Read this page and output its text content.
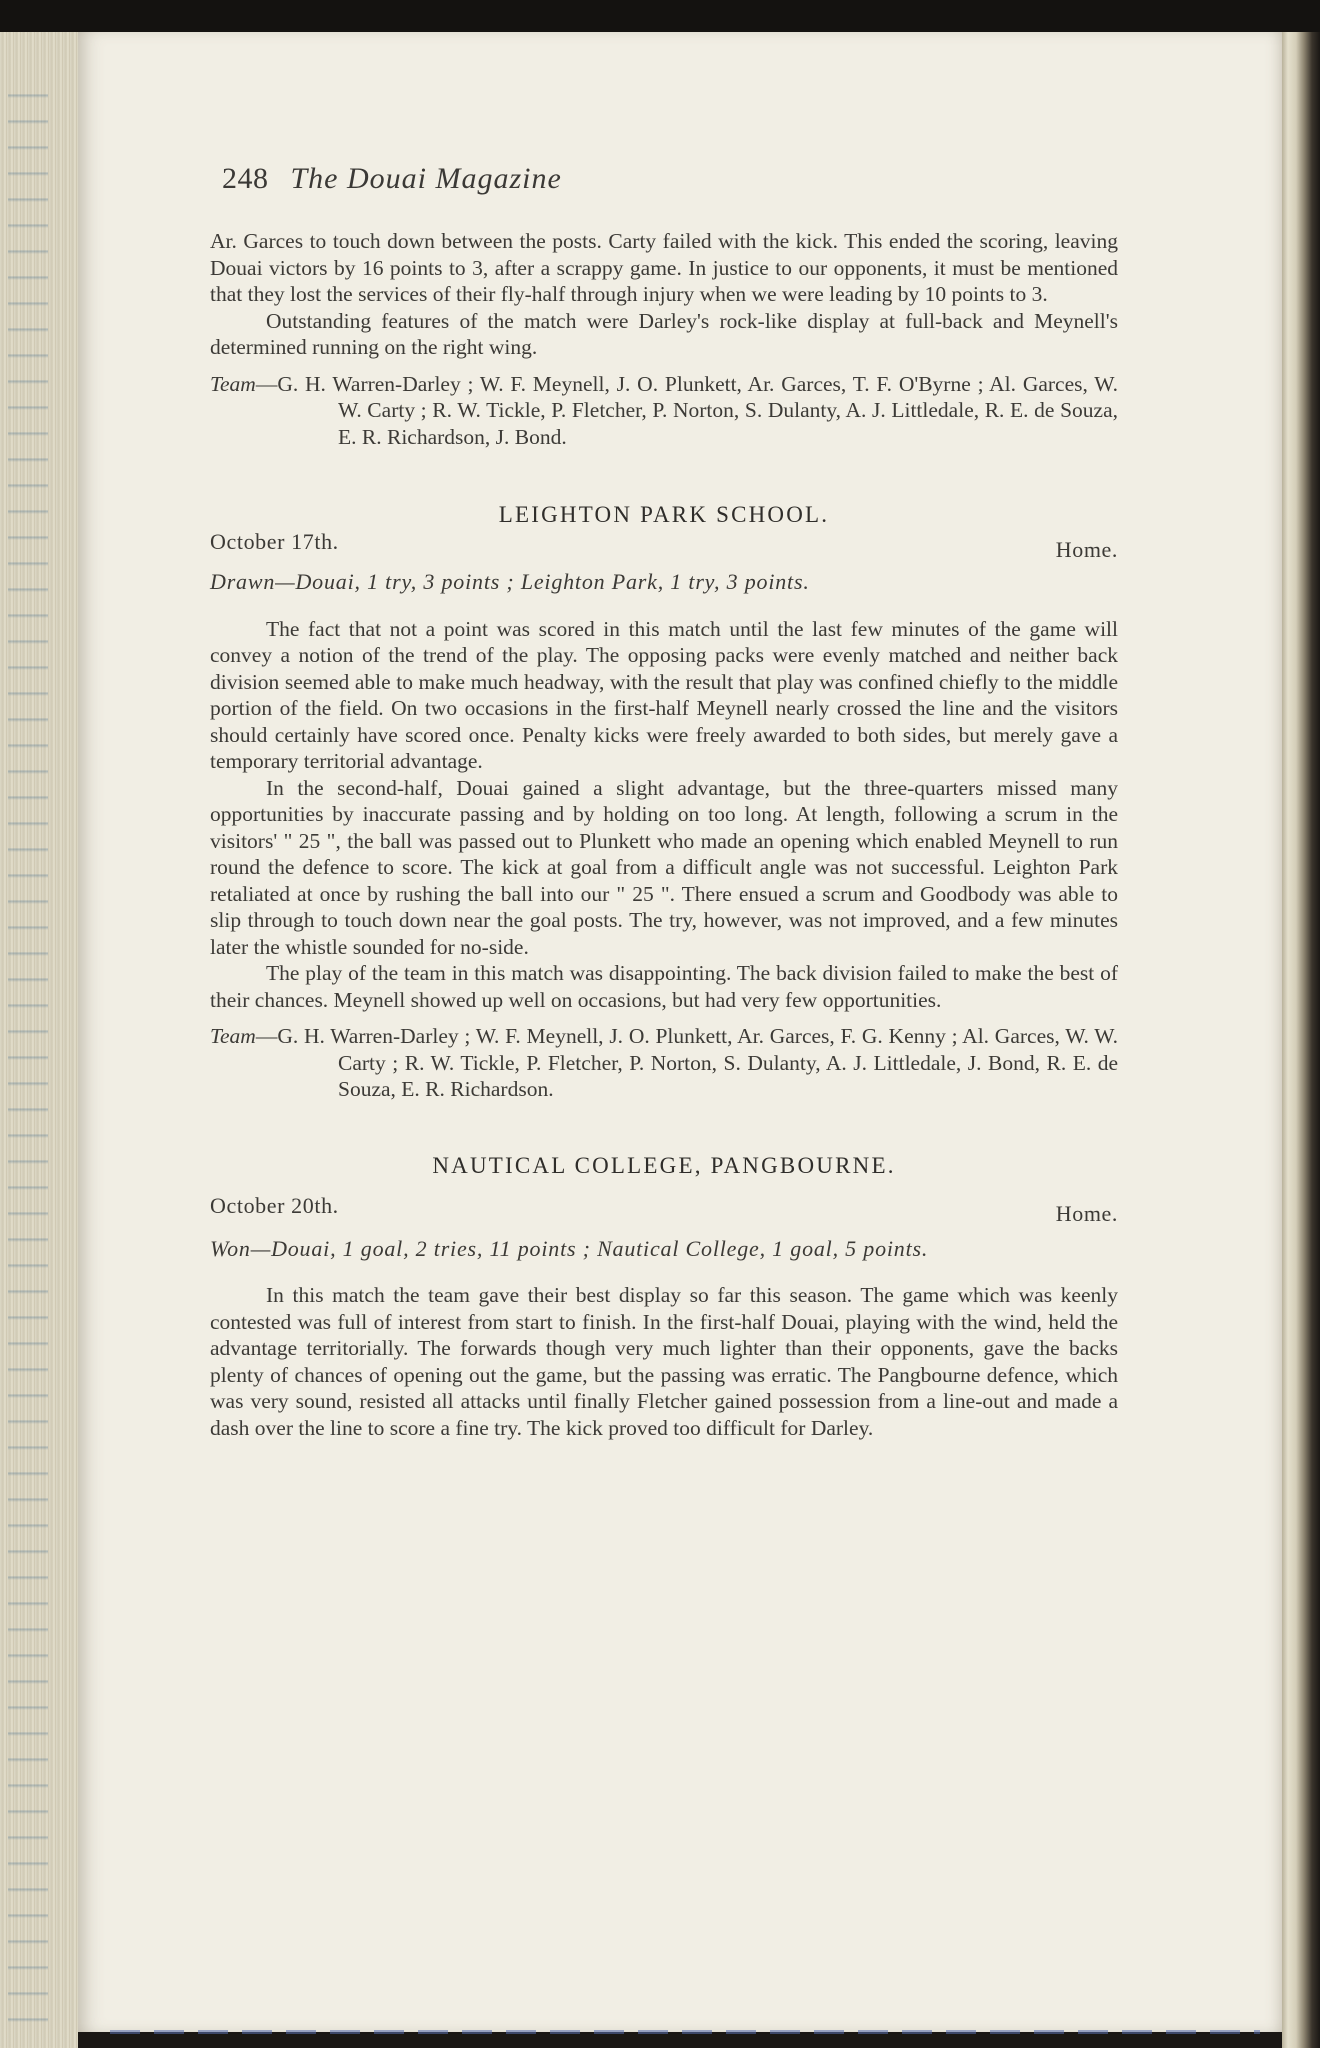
248 The Douai Magazine

Ar. Garces to touch down between the posts. Carty failed with the kick. This ended the scoring, leaving Douai victors by 16 points to 3, after a scrappy game. In justice to our opponents, it must be mentioned that they lost the services of their fly-half through injury when we were leading by 10 points to 3.

Outstanding features of the match were Darley's rock-like display at full-back and Meynell's determined running on the right wing.

Team—G. H. Warren-Darley ; W. F. Meynell, J. O. Plunkett, Ar. Garces, T. F. O'Byrne ; Al. Garces, W. W. Carty ; R. W. Tickle, P. Fletcher, P. Norton, S. Dulanty, A. J. Littledale, R. E. de Souza, E. R. Richardson, J. Bond.

LEIGHTON PARK SCHOOL.
October 17th.	Home.
Drawn—Douai, 1 try, 3 points ; Leighton Park, 1 try, 3 points.

The fact that not a point was scored in this match until the last few minutes of the game will convey a notion of the trend of the play. The opposing packs were evenly matched and neither back division seemed able to make much headway, with the result that play was confined chiefly to the middle portion of the field. On two occasions in the first-half Meynell nearly crossed the line and the visitors should certainly have scored once. Penalty kicks were freely awarded to both sides, but merely gave a temporary territorial advantage.

In the second-half, Douai gained a slight advantage, but the three-quarters missed many opportunities by inaccurate passing and by holding on too long. At length, following a scrum in the visitors' " 25 ", the ball was passed out to Plunkett who made an opening which enabled Meynell to run round the defence to score. The kick at goal from a difficult angle was not successful. Leighton Park retaliated at once by rushing the ball into our " 25 ". There ensued a scrum and Goodbody was able to slip through to touch down near the goal posts. The try, however, was not improved, and a few minutes later the whistle sounded for no-side.

The play of the team in this match was disappointing. The back division failed to make the best of their chances. Meynell showed up well on occasions, but had very few opportunities.

Team—G. H. Warren-Darley ; W. F. Meynell, J. O. Plunkett, Ar. Garces, F. G. Kenny ; Al. Garces, W. W. Carty ; R. W. Tickle, P. Fletcher, P. Norton, S. Dulanty, A. J. Littledale, J. Bond, R. E. de Souza, E. R. Richardson.

NAUTICAL COLLEGE, PANGBOURNE.
October 20th.	Home.
Won—Douai, 1 goal, 2 tries, 11 points ; Nautical College, 1 goal, 5 points.

In this match the team gave their best display so far this season. The game which was keenly contested was full of interest from start to finish. In the first-half Douai, playing with the wind, held the advantage territorially. The forwards though very much lighter than their opponents, gave the backs plenty of chances of opening out the game, but the passing was erratic. The Pangbourne defence, which was very sound, resisted all attacks until finally Fletcher gained possession from a line-out and made a dash over the line to score a fine try. The kick proved too difficult for Darley.
